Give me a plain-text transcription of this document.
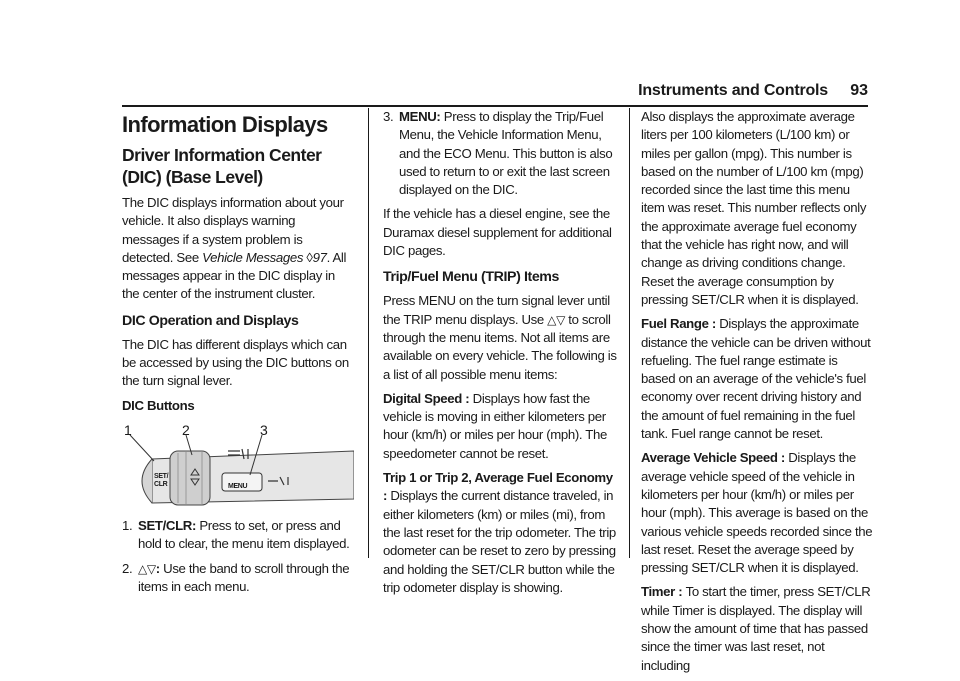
Instruments and Controls 93
Information Displays
Driver Information Center (DIC) (Base Level)

The DIC displays information about your vehicle. It also displays warning messages if a system problem is detected. See Vehicle Messages ◊97. All messages appear in the DIC display in the center of the instrument cluster.

DIC Operation and Displays

The DIC has different displays which can be accessed by using the DIC buttons on the turn signal lever.

DIC Buttons

1	2	3
SET/
CLR	MENU
1. SET/CLR: Press to set, or press and hold to clear, the menu item displayed.
2. △▽: Use the band to scroll through the items in each menu.
3. MENU: Press to display the Trip/Fuel Menu, the Vehicle Information Menu, and the ECO Menu. This button is also used to return to or exit the last screen displayed on the DIC.

If the vehicle has a diesel engine, see the Duramax diesel supplement for additional DIC pages.

Trip/Fuel Menu (TRIP) Items

Press MENU on the turn signal lever until the TRIP menu displays. Use △▽ to scroll through the menu items. Not all items are available on every vehicle. The following is a list of all possible menu items:

Digital Speed : Displays how fast the vehicle is moving in either kilometers per hour (km/h) or miles per hour (mph). The speedometer cannot be reset.

Trip 1 or Trip 2, Average Fuel Economy : Displays the current distance traveled, in either kilometers (km) or miles (mi), from the last reset for the trip odometer. The trip odometer can be reset to zero by pressing and holding the SET/CLR button while the trip odometer display is showing.

Also displays the approximate average liters per 100 kilometers (L/100 km) or miles per gallon (mpg). This number is based on the number of L/100 km (mpg) recorded since the last time this menu item was reset. This number reflects only the approximate average fuel economy that the vehicle has right now, and will change as driving conditions change. Reset the average consumption by pressing SET/CLR when it is displayed.

Fuel Range : Displays the approximate distance the vehicle can be driven without refueling. The fuel range estimate is based on an average of the vehicle's fuel economy over recent driving history and the amount of fuel remaining in the fuel tank. Fuel range cannot be reset.

Average Vehicle Speed : Displays the average vehicle speed of the vehicle in kilometers per hour (km/h) or miles per hour (mph). This average is based on the various vehicle speeds recorded since the last reset. Reset the average speed by pressing SET/CLR when it is displayed.

Timer : To start the timer, press SET/CLR while Timer is displayed. The display will show the amount of time that has passed since the timer was last reset, not including
